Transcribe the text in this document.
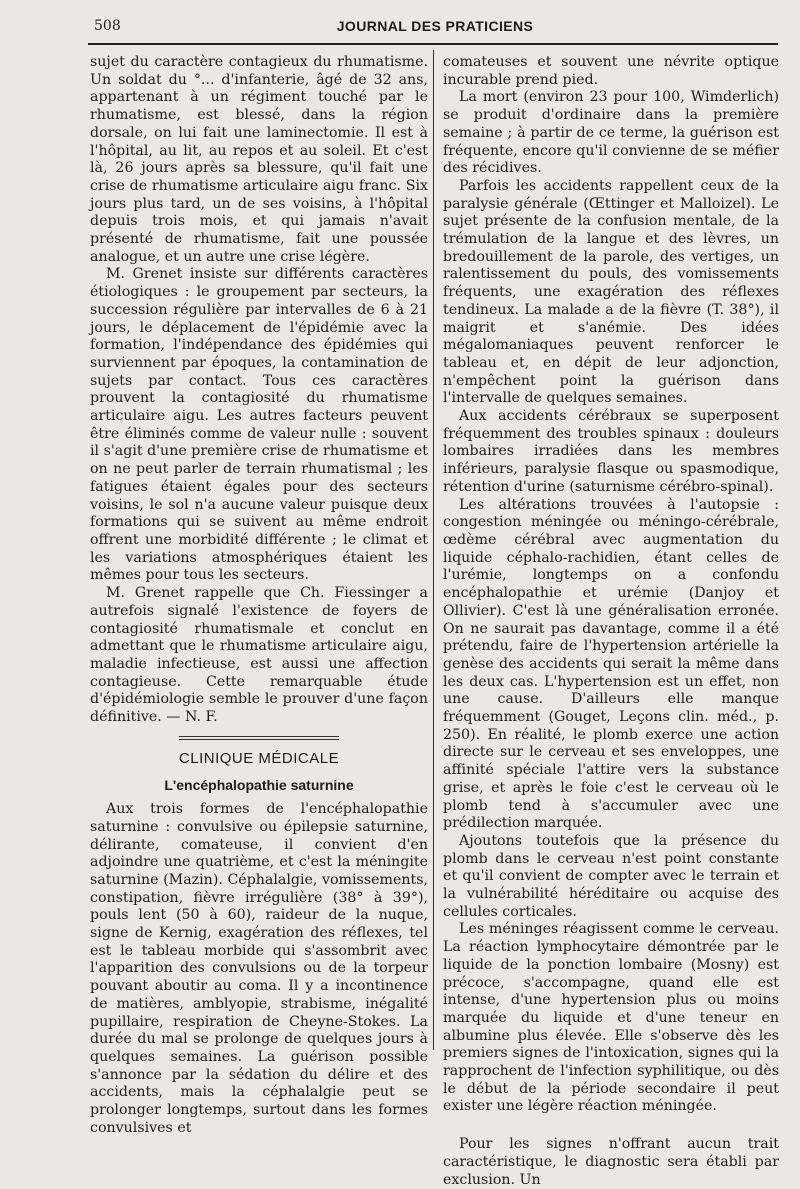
508	JOURNAL DES PRATICIENS

sujet du caractère contagieux du rhumatisme. Un soldat du °... d'infanterie, âgé de 32 ans, appartenant à un régiment touché par le rhumatisme, est blessé, dans la région dorsale, on lui fait une laminectomie. Il est à l'hôpital, au lit, au repos et au soleil. Et c'est là, 26 jours après sa blessure, qu'il fait une crise de rhumatisme articulaire aigu franc. Six jours plus tard, un de ses voisins, à l'hôpital depuis trois mois, et qui jamais n'avait présenté de rhumatisme, fait une poussée analogue, et un autre une crise légère.

M. Grenet insiste sur différents caractères étiologiques : le groupement par secteurs, la succession régulière par intervalles de 6 à 21 jours, le déplacement de l'épidémie avec la formation, l'indépendance des épidémies qui surviennent par époques, la contamination de sujets par contact. Tous ces caractères prouvent la contagiosité du rhumatisme articulaire aigu. Les autres facteurs peuvent être éliminés comme de valeur nulle : souvent il s'agit d'une première crise de rhumatisme et on ne peut parler de terrain rhumatismal ; les fatigues étaient égales pour des secteurs voisins, le sol n'a aucune valeur puisque deux formations qui se suivent au même endroit offrent une morbidité différente ; le climat et les variations atmosphériques étaient les mêmes pour tous les secteurs.

M. Grenet rappelle que Ch. Fiessinger a autrefois signalé l'existence de foyers de contagiosité rhumatismale et conclut en admettant que le rhumatisme articulaire aigu, maladie infectieuse, est aussi une affection contagieuse. Cette remarquable étude d'épidémiologie semble le prouver d'une façon définitive. — N. F.

CLINIQUE MÉDICALE
L'encéphalopathie saturnine

Aux trois formes de l'encéphalopathie saturnine : convulsive ou épilepsie saturnine, délirante, comateuse, il convient d'en adjoindre une quatrième, et c'est la méningite saturnine (Mazin). Céphalalgie, vomissements, constipation, fièvre irrégulière (38° à 39°), pouls lent (50 à 60), raideur de la nuque, signe de Kernig, exagération des réflexes, tel est le tableau morbide qui s'assombrit avec l'apparition des convulsions ou de la torpeur pouvant aboutir au coma. Il y a incontinence de matières, amblyopie, strabisme, inégalité pupillaire, respiration de Cheyne-Stokes. La durée du mal se prolonge de quelques jours à quelques semaines. La guérison possible s'annonce par la sédation du délire et des accidents, mais la céphalalgie peut se prolonger longtemps, surtout dans les formes convulsives et

comateuses et souvent une névrite optique incurable prend pied.

La mort (environ 23 pour 100, Wimderlich) se produit d'ordinaire dans la première semaine ; à partir de ce terme, la guérison est fréquente, encore qu'il convienne de se méfier des récidives.

Parfois les accidents rappellent ceux de la paralysie générale (Œttinger et Malloizel). Le sujet présente de la confusion mentale, de la trémulation de la langue et des lèvres, un bredouillement de la parole, des vertiges, un ralentissement du pouls, des vomissements fréquents, une exagération des réflexes tendineux. La malade a de la fièvre (T. 38°), il maigrit et s'anémie. Des idées mégalomaniaques peuvent renforcer le tableau et, en dépit de leur adjonction, n'empêchent point la guérison dans l'intervalle de quelques semaines.

Aux accidents cérébraux se superposent fréquemment des troubles spinaux : douleurs lombaires irradiées dans les membres inférieurs, paralysie flasque ou spasmodique, rétention d'urine (saturnisme cérébro-spinal).

Les altérations trouvées à l'autopsie : congestion méningée ou méningo-cérébrale, œdème cérébral avec augmentation du liquide céphalo-rachidien, étant celles de l'urémie, longtemps on a confondu encéphalopathie et urémie (Danjoy et Ollivier). C'est là une généralisation erronée. On ne saurait pas davantage, comme il a été prétendu, faire de l'hypertension artérielle la genèse des accidents qui serait la même dans les deux cas. L'hypertension est un effet, non une cause. D'ailleurs elle manque fréquemment (Gouget, Leçons clin. méd., p. 250). En réalité, le plomb exerce une action directe sur le cerveau et ses enveloppes, une affinité spéciale l'attire vers la substance grise, et après le foie c'est le cerveau où le plomb tend à s'accumuler avec une prédilection marquée.

Ajoutons toutefois que la présence du plomb dans le cerveau n'est point constante et qu'il convient de compter avec le terrain et la vulnérabilité héréditaire ou acquise des cellules corticales.

Les méninges réagissent comme le cerveau. La réaction lymphocytaire démontrée par le liquide de la ponction lombaire (Mosny) est précoce, s'accompagne, quand elle est intense, d'une hypertension plus ou moins marquée du liquide et d'une teneur en albumine plus élevée. Elle s'observe dès les premiers signes de l'intoxication, signes qui la rapprochent de l'infection syphilitique, ou dès le début de la période secondaire il peut exister une légère réaction méningée.

Pour les signes n'offrant aucun trait caractéristique, le diagnostic sera établi par exclusion. Un
